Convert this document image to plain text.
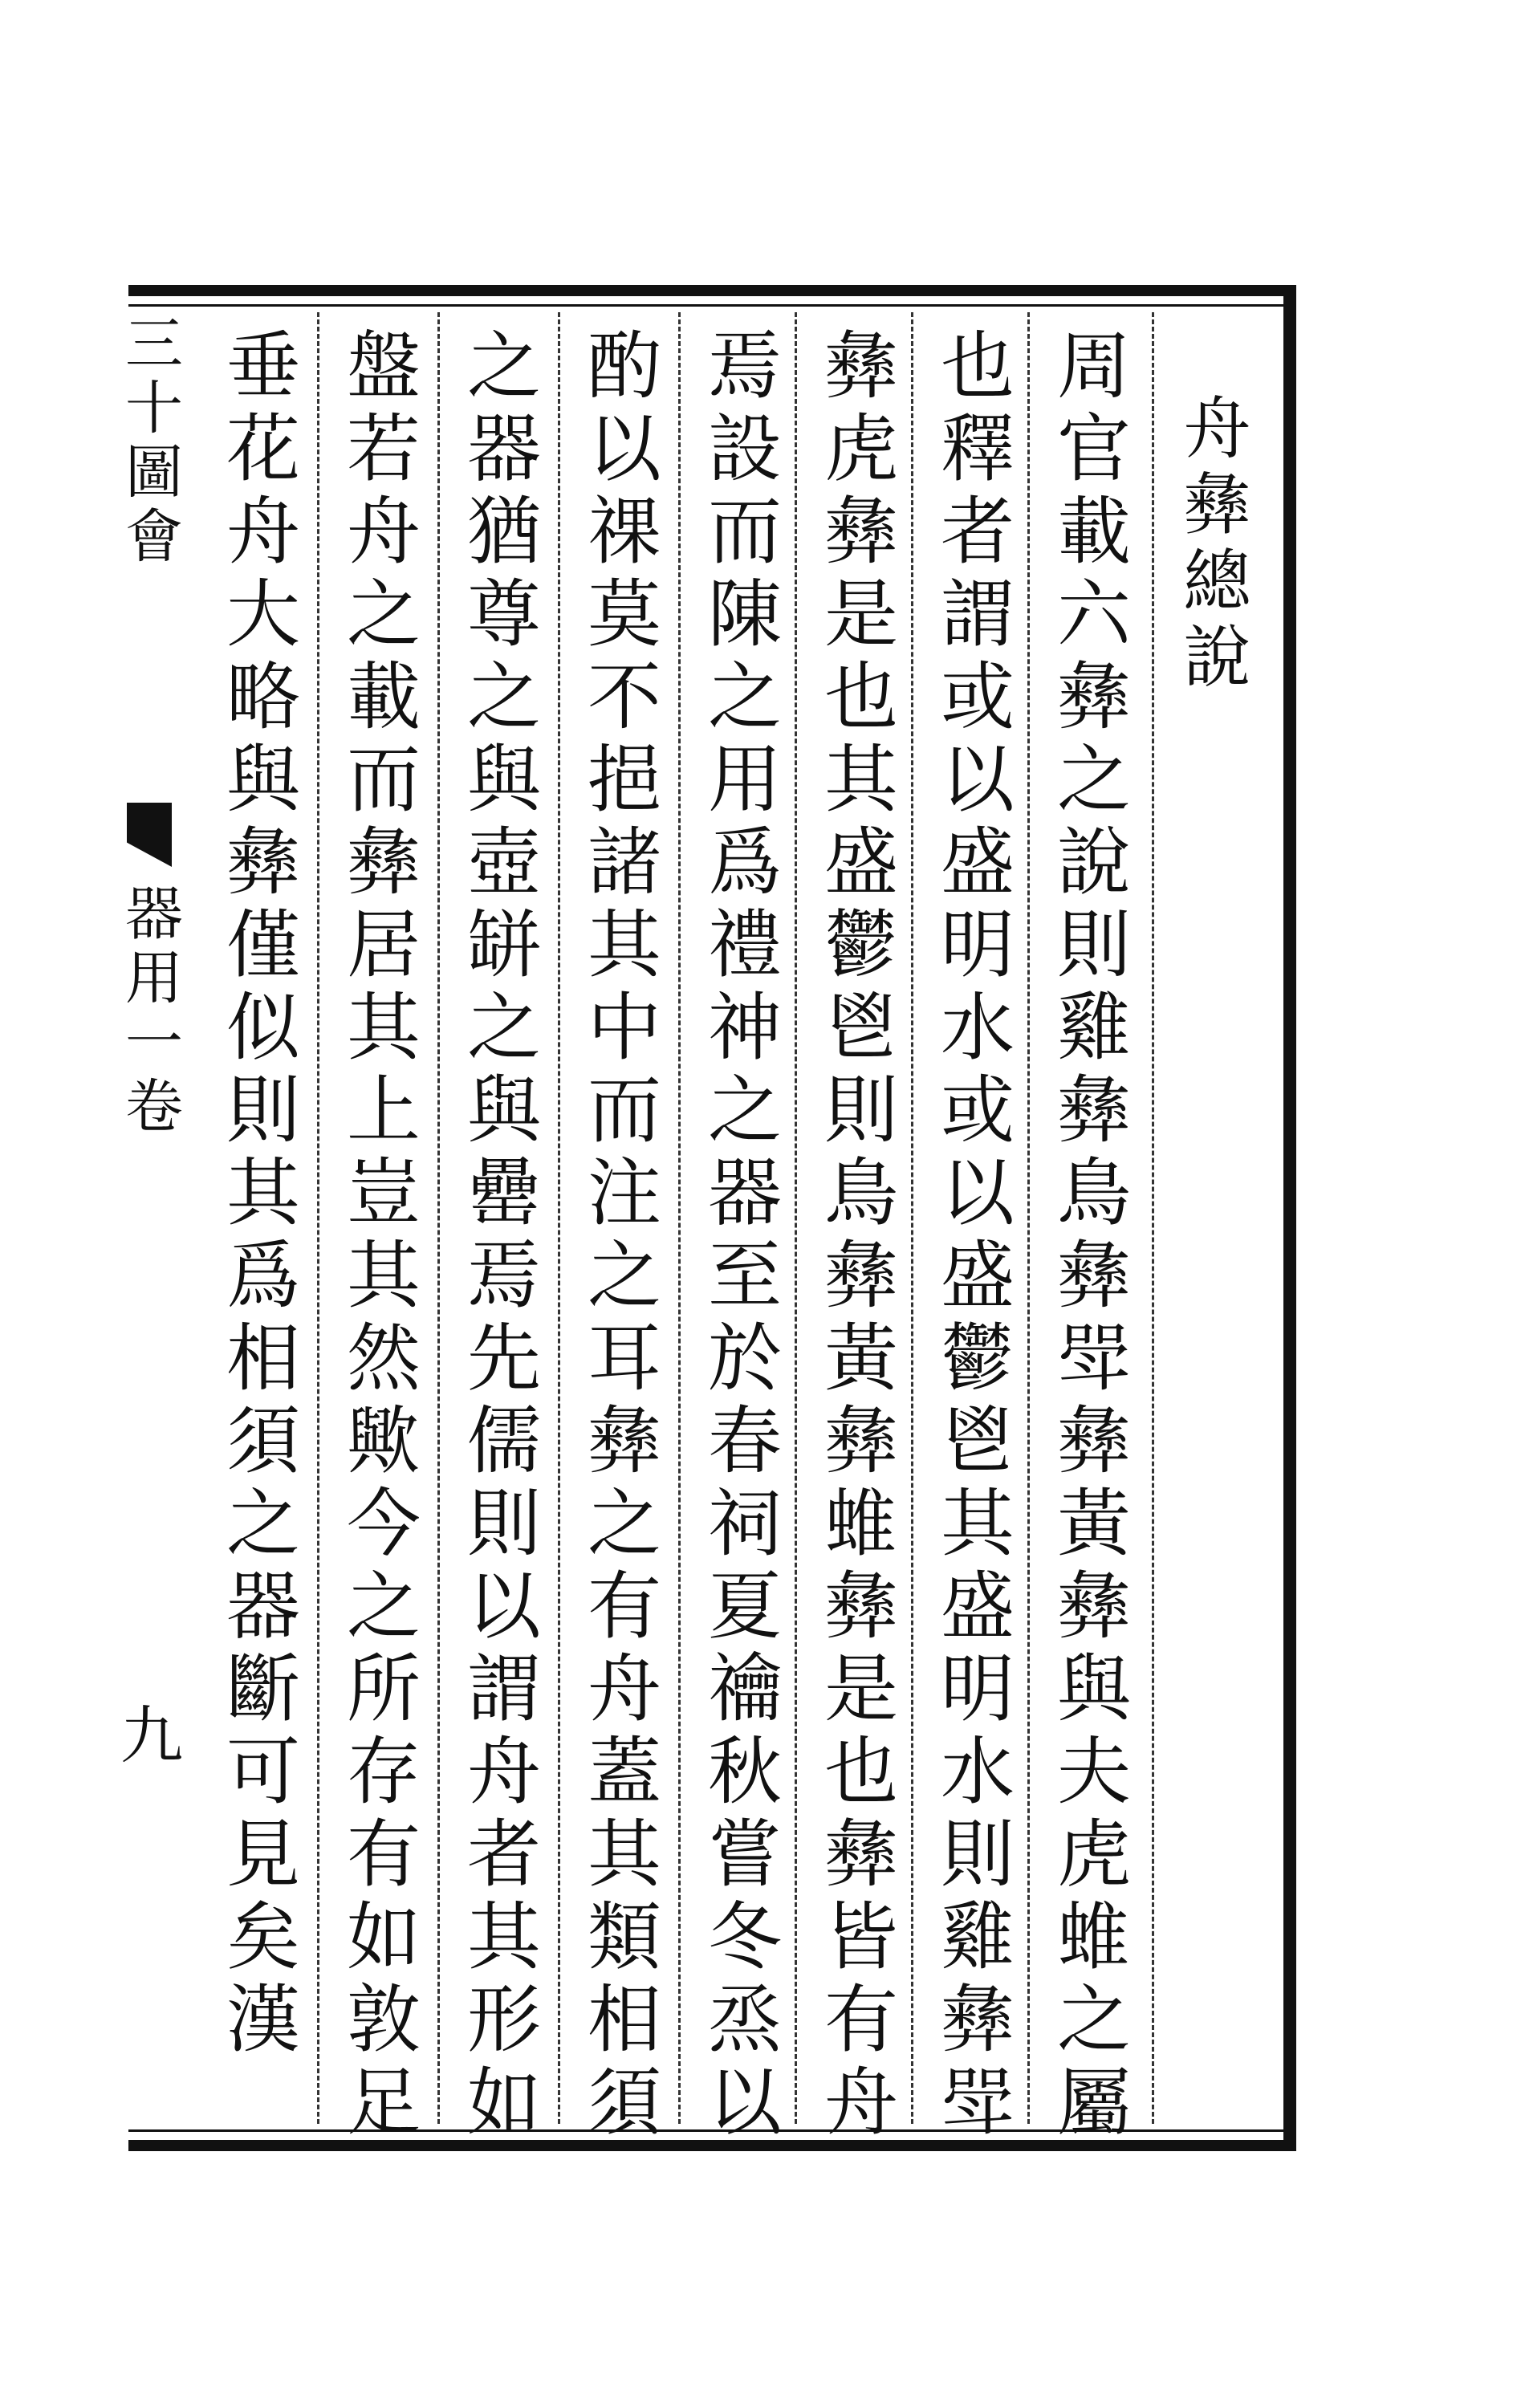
舟彝總說
周官載六彝之說則雞彝鳥彝斝彝黃彝與夫虎蜼之屬
也釋者謂或以盛明水或以盛鬱鬯其盛明水則雞彝斝
彝虎彝是也其盛鬱鬯則鳥彝黃彝蜼彝是也彝皆有舟
焉設而陳之用爲禮神之器至於春祠夏禴秋嘗冬烝以
酌以祼莫不挹諸其中而注之耳彝之有舟蓋其類相須
之器猶尊之與壺缾之與罍焉先儒則以謂舟者其形如
盤若舟之載而彝居其上豈其然歟今之所存有如敦足
垂花舟大略與彝僅似則其爲相須之器斷可見矣漢
三十圖會
器用一卷
九
